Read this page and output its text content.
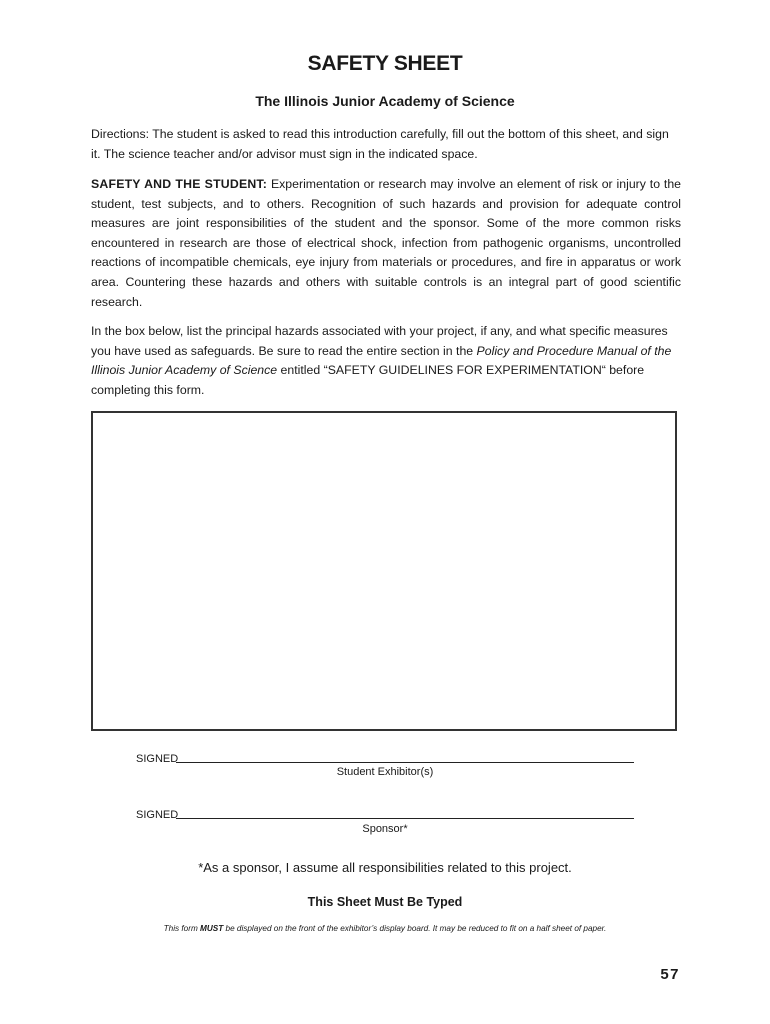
SAFETY SHEET
The Illinois Junior Academy of Science

Directions: The student is asked to read this introduction carefully, fill out the bottom of this sheet, and sign it. The science teacher and/or advisor must sign in the indicated space.

SAFETY AND THE STUDENT: Experimentation or research may involve an element of risk or injury to the student, test subjects, and to others. Recognition of such hazards and provision for adequate control measures are joint responsibilities of the student and the sponsor. Some of the more common risks encountered in research are those of electrical shock, infection from pathogenic organisms, uncontrolled reactions of incompatible chemicals, eye injury from materials or procedures, and fire in apparatus or work area. Countering these hazards and others with suitable controls is an integral part of good scientific research.

In the box below, list the principal hazards associated with your project, if any, and what specific measures you have used as safeguards. Be sure to read the entire section in the Policy and Procedure Manual of the Illinois Junior Academy of Science entitled “SAFETY GUIDELINES FOR EXPERIMENTATION“ before completing this form.

SIGNED
Student Exhibitor(s)
SIGNED
Sponsor*
*As a sponsor, I assume all responsibilities related to this project.
This Sheet Must Be Typed
This form MUST be displayed on the front of the exhibitor’s display board. It may be reduced to fit on a half sheet of paper.
57
